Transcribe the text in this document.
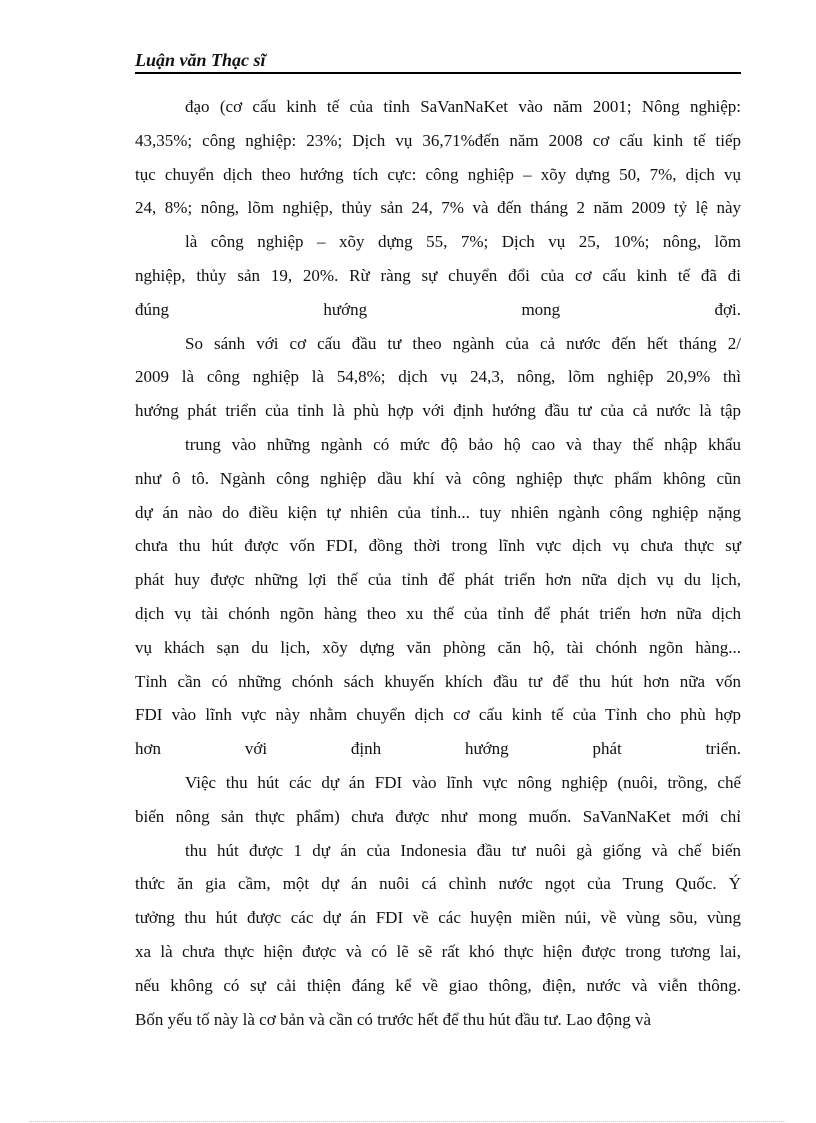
Luận văn Thạc sĩ
đạo (cơ cấu kinh tế của tỉnh SaVanNaKet vào năm 2001; Nông nghiệp:
43,35%; công nghiệp: 23%; Dịch vụ 36,71%đến năm 2008 cơ cấu kinh tế tiếp
tục chuyển dịch theo hướng tích cực: công nghiệp – xõy dựng 50, 7%, dịch vụ
24, 8%; nông, lõm nghiệp, thủy sản 24, 7% và đến tháng 2 năm 2009 tỷ lệ này
là công nghiệp – xõy dựng 55, 7%; Dịch vụ 25, 10%; nông, lõm
nghiệp, thủy sản 19, 20%. Rừ ràng sự chuyển đổi của cơ cấu kinh tế đã đi
đúng hướng mong đợi.
So sánh với cơ cấu đầu tư theo ngành của cả nước đến hết tháng 2/
2009 là công nghiệp là 54,8%; dịch vụ 24,3, nông, lõm nghiệp 20,9% thì
hướng phát triển của tỉnh là phù hợp với định hướng đầu tư của cả nước là tập
trung vào những ngành có mức độ bảo hộ cao và thay thế nhập khẩu
như ô tô. Ngành công nghiệp dầu khí và công nghiệp thực phẩm không cũn
dự án nào do điều kiện tự nhiên của tỉnh... tuy nhiên ngành công nghiệp nặng
chưa thu hút được vốn FDI, đồng thời trong lĩnh vực dịch vụ chưa thực sự
phát huy được những lợi thế của tỉnh để phát triển hơn nữa dịch vụ du lịch,
dịch vụ tài chónh ngõn hàng theo xu thế của tỉnh để phát triển hơn nữa dịch
vụ khách sạn du lịch, xõy dựng văn phòng căn hộ, tài chónh ngõn hàng...
Tỉnh cần có những chónh sách khuyến khích đầu tư để thu hút hơn nữa vốn
FDI vào lĩnh vực này nhằm chuyển dịch cơ cấu kinh tế của Tỉnh cho phù hợp
hơn với định hướng phát triển.
Việc thu hút các dự án FDI vào lĩnh vực nông nghiệp (nuôi, trồng, chế
biến nông sản thực phẩm) chưa được như mong muốn. SaVanNaKet mới chỉ
thu hút được 1 dự án của Indonesia đầu tư nuôi gà giống và chế biến
thức ăn gia cầm, một dự án nuôi cá chình nước ngọt của Trung Quốc. Ý
tưởng thu hút được các dự án FDI về các huyện miền núi, về vùng sõu, vùng
xa là chưa thực hiện được và có lẽ sẽ rất khó thực hiện được trong tương lai,
nếu không có sự cải thiện đáng kể về giao thông, điện, nước và viễn thông.
Bốn yếu tố này là cơ bản và cần có trước hết để thu hút đầu tư. Lao động và
